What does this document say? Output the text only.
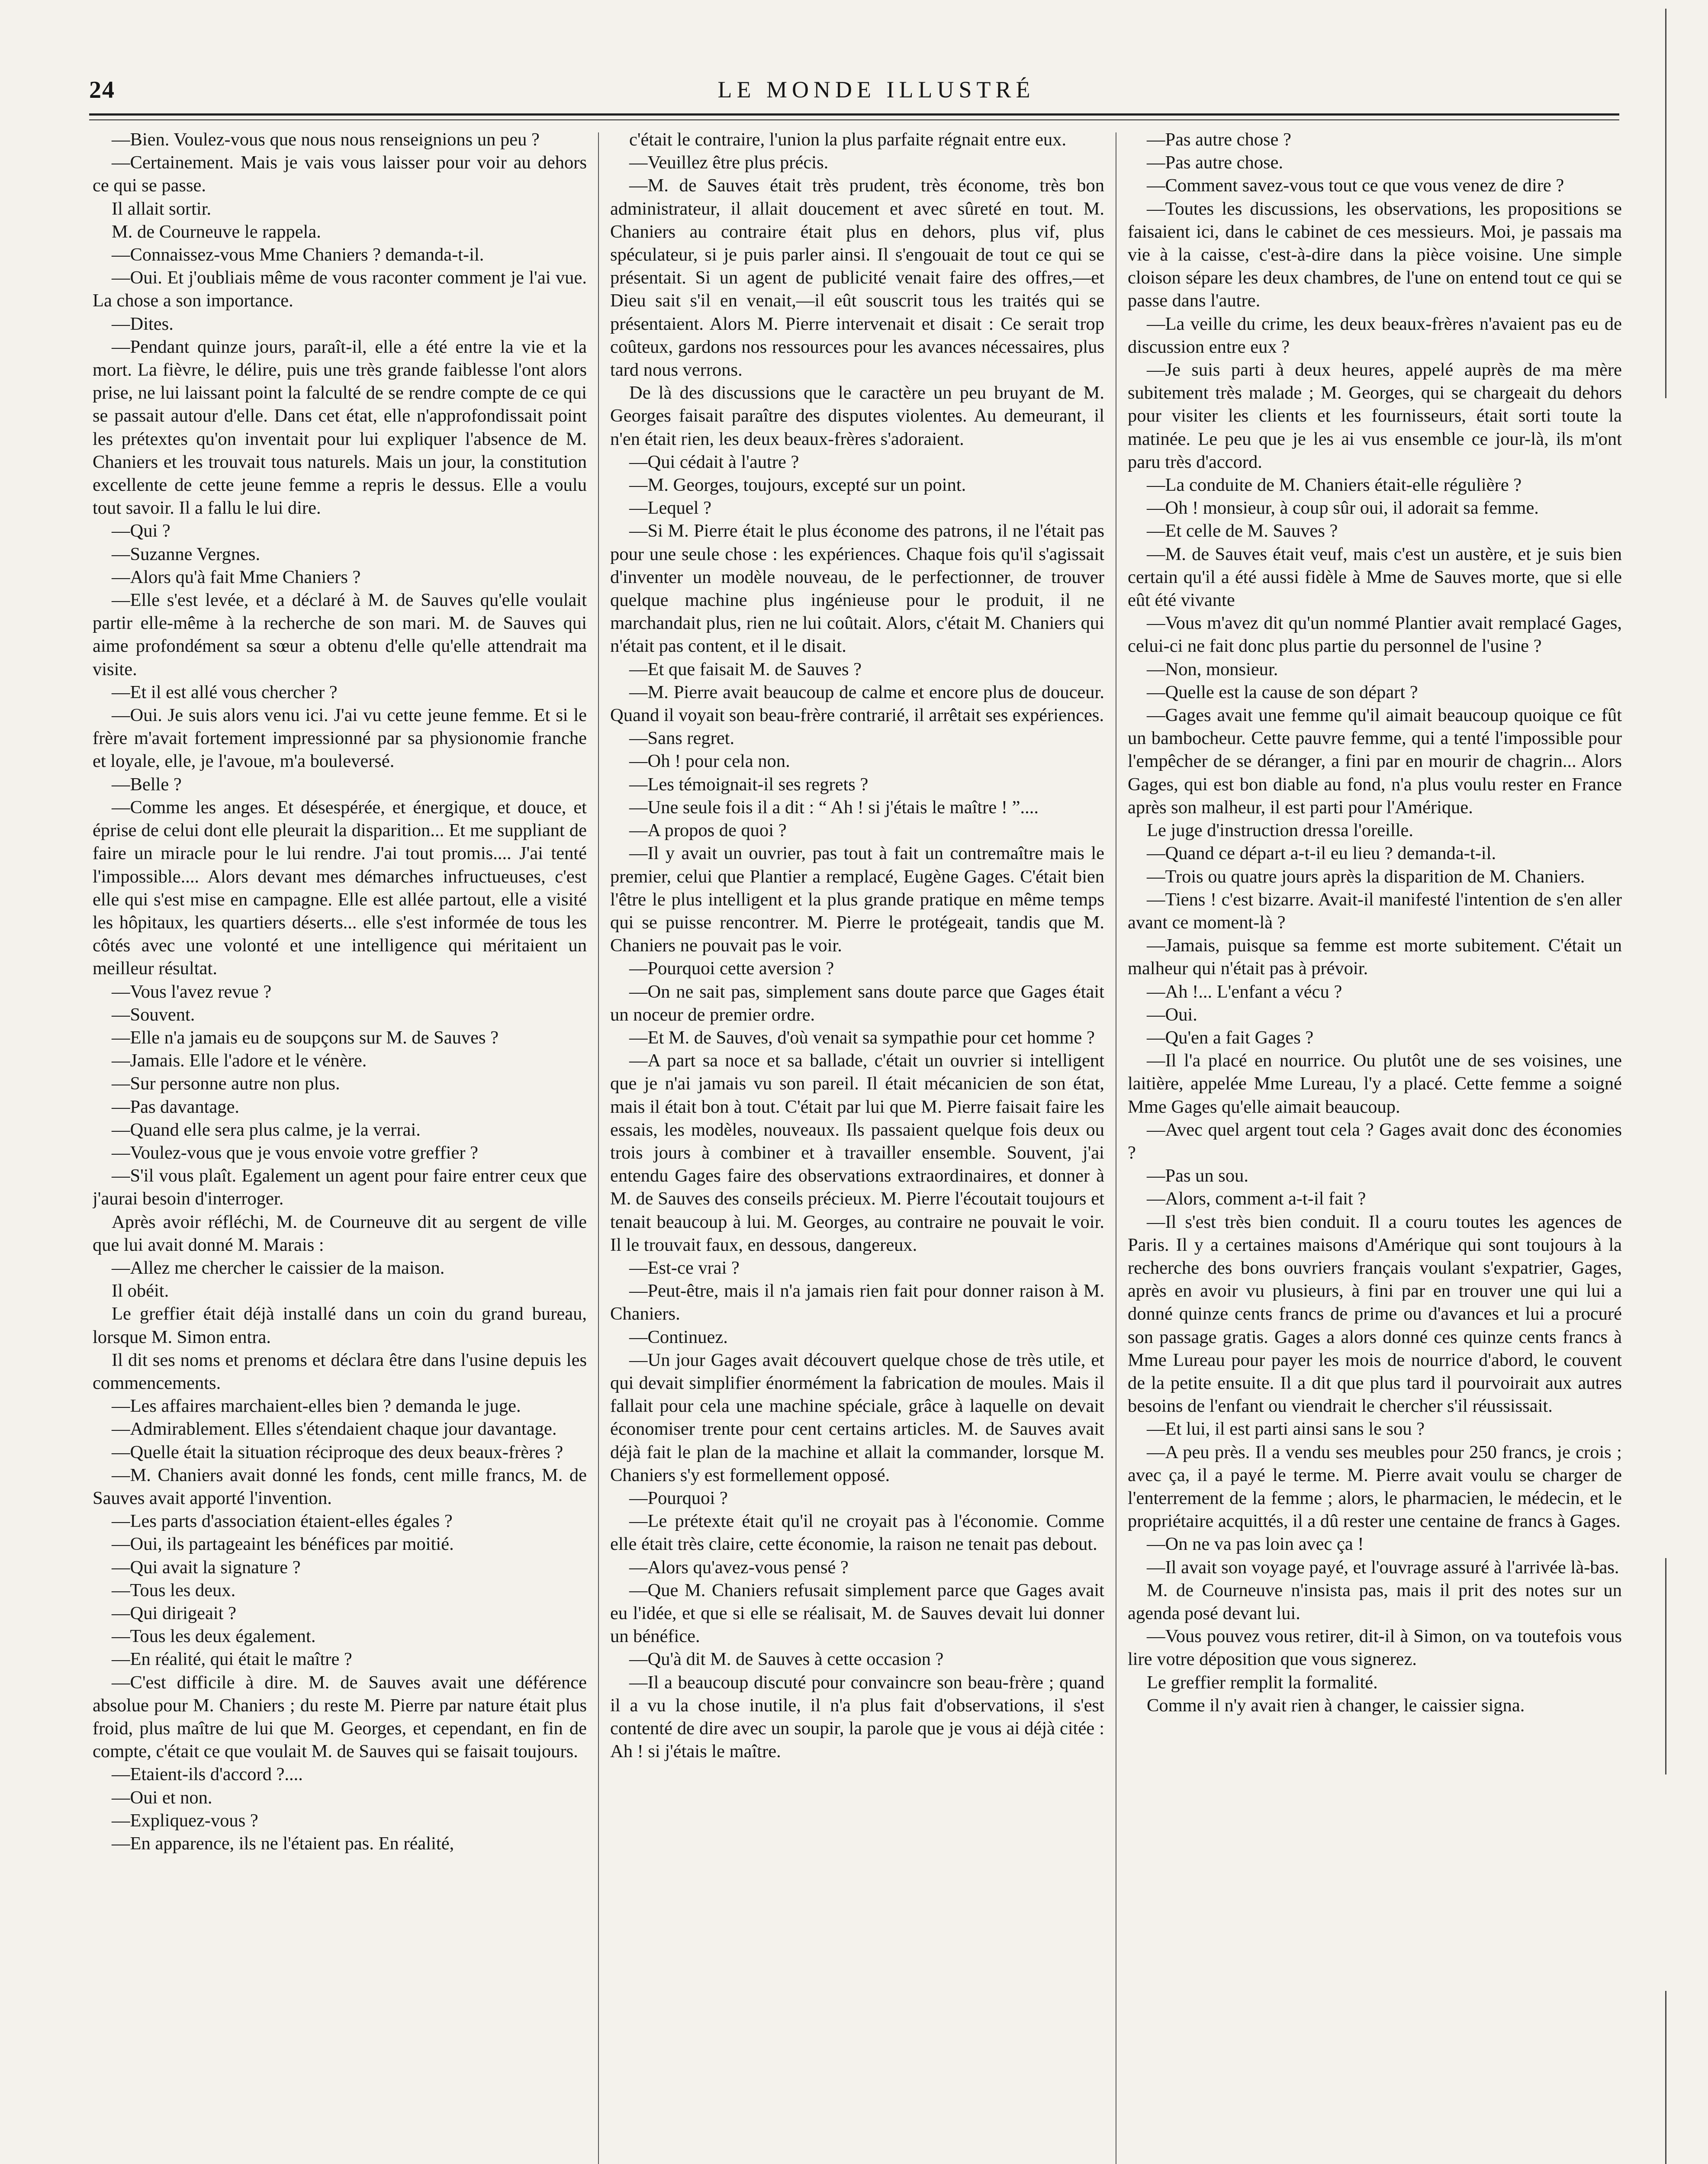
24	LE MONDE ILLUSTRÉ

—Bien. Voulez-vous que nous nous renseignions un peu ?

—Certainement. Mais je vais vous laisser pour voir au dehors ce qui se passe.

Il allait sortir.

M. de Courneuve le rappela.

—Connaissez-vous Mme Chaniers ? demanda-t-il.

—Oui. Et j'oubliais même de vous raconter comment je l'ai vue. La chose a son importance.

—Dites.

—Pendant quinze jours, paraît-il, elle a été entre la vie et la mort. La fièvre, le délire, puis une très grande faiblesse l'ont alors prise, ne lui laissant point la falculté de se rendre compte de ce qui se passait autour d'elle. Dans cet état, elle n'approfondissait point les prétextes qu'on inventait pour lui expliquer l'absence de M. Chaniers et les trouvait tous naturels. Mais un jour, la constitution excellente de cette jeune femme a repris le dessus. Elle a voulu tout savoir. Il a fallu le lui dire.

—Qui ?

—Suzanne Vergnes.

—Alors qu'à fait Mme Chaniers ?

—Elle s'est levée, et a déclaré à M. de Sauves qu'elle voulait partir elle-même à la recherche de son mari. M. de Sauves qui aime profondément sa sœur a obtenu d'elle qu'elle attendrait ma visite.

—Et il est allé vous chercher ?

—Oui. Je suis alors venu ici. J'ai vu cette jeune femme. Et si le frère m'avait fortement impressionné par sa physionomie franche et loyale, elle, je l'avoue, m'a bouleversé.

—Belle ?

—Comme les anges. Et désespérée, et énergique, et douce, et éprise de celui dont elle pleurait la disparition... Et me suppliant de faire un miracle pour le lui rendre. J'ai tout promis.... J'ai tenté l'impossible.... Alors devant mes démarches infructueuses, c'est elle qui s'est mise en campagne. Elle est allée partout, elle a visité les hôpitaux, les quartiers déserts... elle s'est informée de tous les côtés avec une volonté et une intelligence qui méritaient un meilleur résultat.

—Vous l'avez revue ?

—Souvent.

—Elle n'a jamais eu de soupçons sur M. de Sauves ?

—Jamais. Elle l'adore et le vénère.

—Sur personne autre non plus.

—Pas davantage.

—Quand elle sera plus calme, je la verrai.

—Voulez-vous que je vous envoie votre greffier ?

—S'il vous plaît. Egalement un agent pour faire entrer ceux que j'aurai besoin d'interroger.

Après avoir réfléchi, M. de Courneuve dit au sergent de ville que lui avait donné M. Marais :

—Allez me chercher le caissier de la maison.

Il obéit.

Le greffier était déjà installé dans un coin du grand bureau, lorsque M. Simon entra.

Il dit ses noms et prenoms et déclara être dans l'usine depuis les commencements.

—Les affaires marchaient-elles bien ? demanda le juge.

—Admirablement. Elles s'étendaient chaque jour davantage.

—Quelle était la situation réciproque des deux beaux-frères ?

—M. Chaniers avait donné les fonds, cent mille francs, M. de Sauves avait apporté l'invention.

—Les parts d'association étaient-elles égales ?

—Oui, ils partageaint les bénéfices par moitié.

—Qui avait la signature ?

—Tous les deux.

—Qui dirigeait ?

—Tous les deux également.

—En réalité, qui était le maître ?

—C'est difficile à dire. M. de Sauves avait une déférence absolue pour M. Chaniers ; du reste M. Pierre par nature était plus froid, plus maître de lui que M. Georges, et cependant, en fin de compte, c'était ce que voulait M. de Sauves qui se faisait toujours.

—Etaient-ils d'accord ?....

—Oui et non.

—Expliquez-vous ?

—En apparence, ils ne l'étaient pas. En réalité,

c'était le contraire, l'union la plus parfaite régnait entre eux.

—Veuillez être plus précis.

—M. de Sauves était très prudent, très économe, très bon administrateur, il allait doucement et avec sûreté en tout. M. Chaniers au contraire était plus en dehors, plus vif, plus spéculateur, si je puis parler ainsi. Il s'engouait de tout ce qui se présentait. Si un agent de publicité venait faire des offres,—et Dieu sait s'il en venait,—il eût souscrit tous les traités qui se présentaient. Alors M. Pierre intervenait et disait : Ce serait trop coûteux, gardons nos ressources pour les avances nécessaires, plus tard nous verrons.

De là des discussions que le caractère un peu bruyant de M. Georges faisait paraître des disputes violentes. Au demeurant, il n'en était rien, les deux beaux-frères s'adoraient.

—Qui cédait à l'autre ?

—M. Georges, toujours, excepté sur un point.

—Lequel ?

—Si M. Pierre était le plus économe des patrons, il ne l'était pas pour une seule chose : les expériences. Chaque fois qu'il s'agissait d'inventer un modèle nouveau, de le perfectionner, de trouver quelque machine plus ingénieuse pour le produit, il ne marchandait plus, rien ne lui coûtait. Alors, c'était M. Chaniers qui n'était pas content, et il le disait.

—Et que faisait M. de Sauves ?

—M. Pierre avait beaucoup de calme et encore plus de douceur. Quand il voyait son beau-frère contrarié, il arrêtait ses expériences.

—Sans regret.

—Oh ! pour cela non.

—Les témoignait-il ses regrets ?

—Une seule fois il a dit : “ Ah ! si j'étais le maître ! ”....

—A propos de quoi ?

—Il y avait un ouvrier, pas tout à fait un contremaître mais le premier, celui que Plantier a remplacé, Eugène Gages. C'était bien l'être le plus intelligent et la plus grande pratique en même temps qui se puisse rencontrer. M. Pierre le protégeait, tandis que M. Chaniers ne pouvait pas le voir.

—Pourquoi cette aversion ?

—On ne sait pas, simplement sans doute parce que Gages était un noceur de premier ordre.

—Et M. de Sauves, d'où venait sa sympathie pour cet homme ?

—A part sa noce et sa ballade, c'était un ouvrier si intelligent que je n'ai jamais vu son pareil. Il était mécanicien de son état, mais il était bon à tout. C'était par lui que M. Pierre faisait faire les essais, les modèles, nouveaux. Ils passaient quelque fois deux ou trois jours à combiner et à travailler ensemble. Souvent, j'ai entendu Gages faire des observations extraordinaires, et donner à M. de Sauves des conseils précieux. M. Pierre l'écoutait toujours et tenait beaucoup à lui. M. Georges, au contraire ne pouvait le voir. Il le trouvait faux, en dessous, dangereux.

—Est-ce vrai ?

—Peut-être, mais il n'a jamais rien fait pour donner raison à M. Chaniers.

—Continuez.

—Un jour Gages avait découvert quelque chose de très utile, et qui devait simplifier énormément la fabrication de moules. Mais il fallait pour cela une machine spéciale, grâce à laquelle on devait économiser trente pour cent certains articles. M. de Sauves avait déjà fait le plan de la machine et allait la commander, lorsque M. Chaniers s'y est formellement opposé.

—Pourquoi ?

—Le prétexte était qu'il ne croyait pas à l'économie. Comme elle était très claire, cette économie, la raison ne tenait pas debout.

—Alors qu'avez-vous pensé ?

—Que M. Chaniers refusait simplement parce que Gages avait eu l'idée, et que si elle se réalisait, M. de Sauves devait lui donner un bénéfice.

—Qu'à dit M. de Sauves à cette occasion ?

—Il a beaucoup discuté pour convaincre son beau-frère ; quand il a vu la chose inutile, il n'a plus fait d'observations, il s'est contenté de dire avec un soupir, la parole que je vous ai déjà citée : Ah ! si j'étais le maître.

—Pas autre chose ?

—Pas autre chose.

—Comment savez-vous tout ce que vous venez de dire ?

—Toutes les discussions, les observations, les propositions se faisaient ici, dans le cabinet de ces messieurs. Moi, je passais ma vie à la caisse, c'est-à-dire dans la pièce voisine. Une simple cloison sépare les deux chambres, de l'une on entend tout ce qui se passe dans l'autre.

—La veille du crime, les deux beaux-frères n'avaient pas eu de discussion entre eux ?

—Je suis parti à deux heures, appelé auprès de ma mère subitement très malade ; M. Georges, qui se chargeait du dehors pour visiter les clients et les fournisseurs, était sorti toute la matinée. Le peu que je les ai vus ensemble ce jour-là, ils m'ont paru très d'accord.

—La conduite de M. Chaniers était-elle régulière ?

—Oh ! monsieur, à coup sûr oui, il adorait sa femme.

—Et celle de M. Sauves ?

—M. de Sauves était veuf, mais c'est un austère, et je suis bien certain qu'il a été aussi fidèle à Mme de Sauves morte, que si elle eût été vivante

—Vous m'avez dit qu'un nommé Plantier avait remplacé Gages, celui-ci ne fait donc plus partie du personnel de l'usine ?

—Non, monsieur.

—Quelle est la cause de son départ ?

—Gages avait une femme qu'il aimait beaucoup quoique ce fût un bambocheur. Cette pauvre femme, qui a tenté l'impossible pour l'empêcher de se déranger, a fini par en mourir de chagrin... Alors Gages, qui est bon diable au fond, n'a plus voulu rester en France après son malheur, il est parti pour l'Amérique.

Le juge d'instruction dressa l'oreille.

—Quand ce départ a-t-il eu lieu ? demanda-t-il.

—Trois ou quatre jours après la disparition de M. Chaniers.

—Tiens ! c'est bizarre. Avait-il manifesté l'intention de s'en aller avant ce moment-là ?

—Jamais, puisque sa femme est morte subitement. C'était un malheur qui n'était pas à prévoir.

—Ah !... L'enfant a vécu ?

—Oui.

—Qu'en a fait Gages ?

—Il l'a placé en nourrice. Ou plutôt une de ses voisines, une laitière, appelée Mme Lureau, l'y a placé. Cette femme a soigné Mme Gages qu'elle aimait beaucoup.

—Avec quel argent tout cela ? Gages avait donc des économies ?

—Pas un sou.

—Alors, comment a-t-il fait ?

—Il s'est très bien conduit. Il a couru toutes les agences de Paris. Il y a certaines maisons d'Amérique qui sont toujours à la recherche des bons ouvriers français voulant s'expatrier, Gages, après en avoir vu plusieurs, à fini par en trouver une qui lui a donné quinze cents francs de prime ou d'avances et lui a procuré son passage gratis. Gages a alors donné ces quinze cents francs à Mme Lureau pour payer les mois de nourrice d'abord, le couvent de la petite ensuite. Il a dit que plus tard il pourvoirait aux autres besoins de l'enfant ou viendrait le chercher s'il réussissait.

—Et lui, il est parti ainsi sans le sou ?

—A peu près. Il a vendu ses meubles pour 250 francs, je crois ; avec ça, il a payé le terme. M. Pierre avait voulu se charger de l'enterrement de la femme ; alors, le pharmacien, le médecin, et le propriétaire acquittés, il a dû rester une centaine de francs à Gages.

—On ne va pas loin avec ça !

—Il avait son voyage payé, et l'ouvrage assuré à l'arrivée là-bas.

M. de Courneuve n'insista pas, mais il prit des notes sur un agenda posé devant lui.

—Vous pouvez vous retirer, dit-il à Simon, on va toutefois vous lire votre déposition que vous signerez.

Le greffier remplit la formalité.

Comme il n'y avait rien à changer, le caissier signa.
